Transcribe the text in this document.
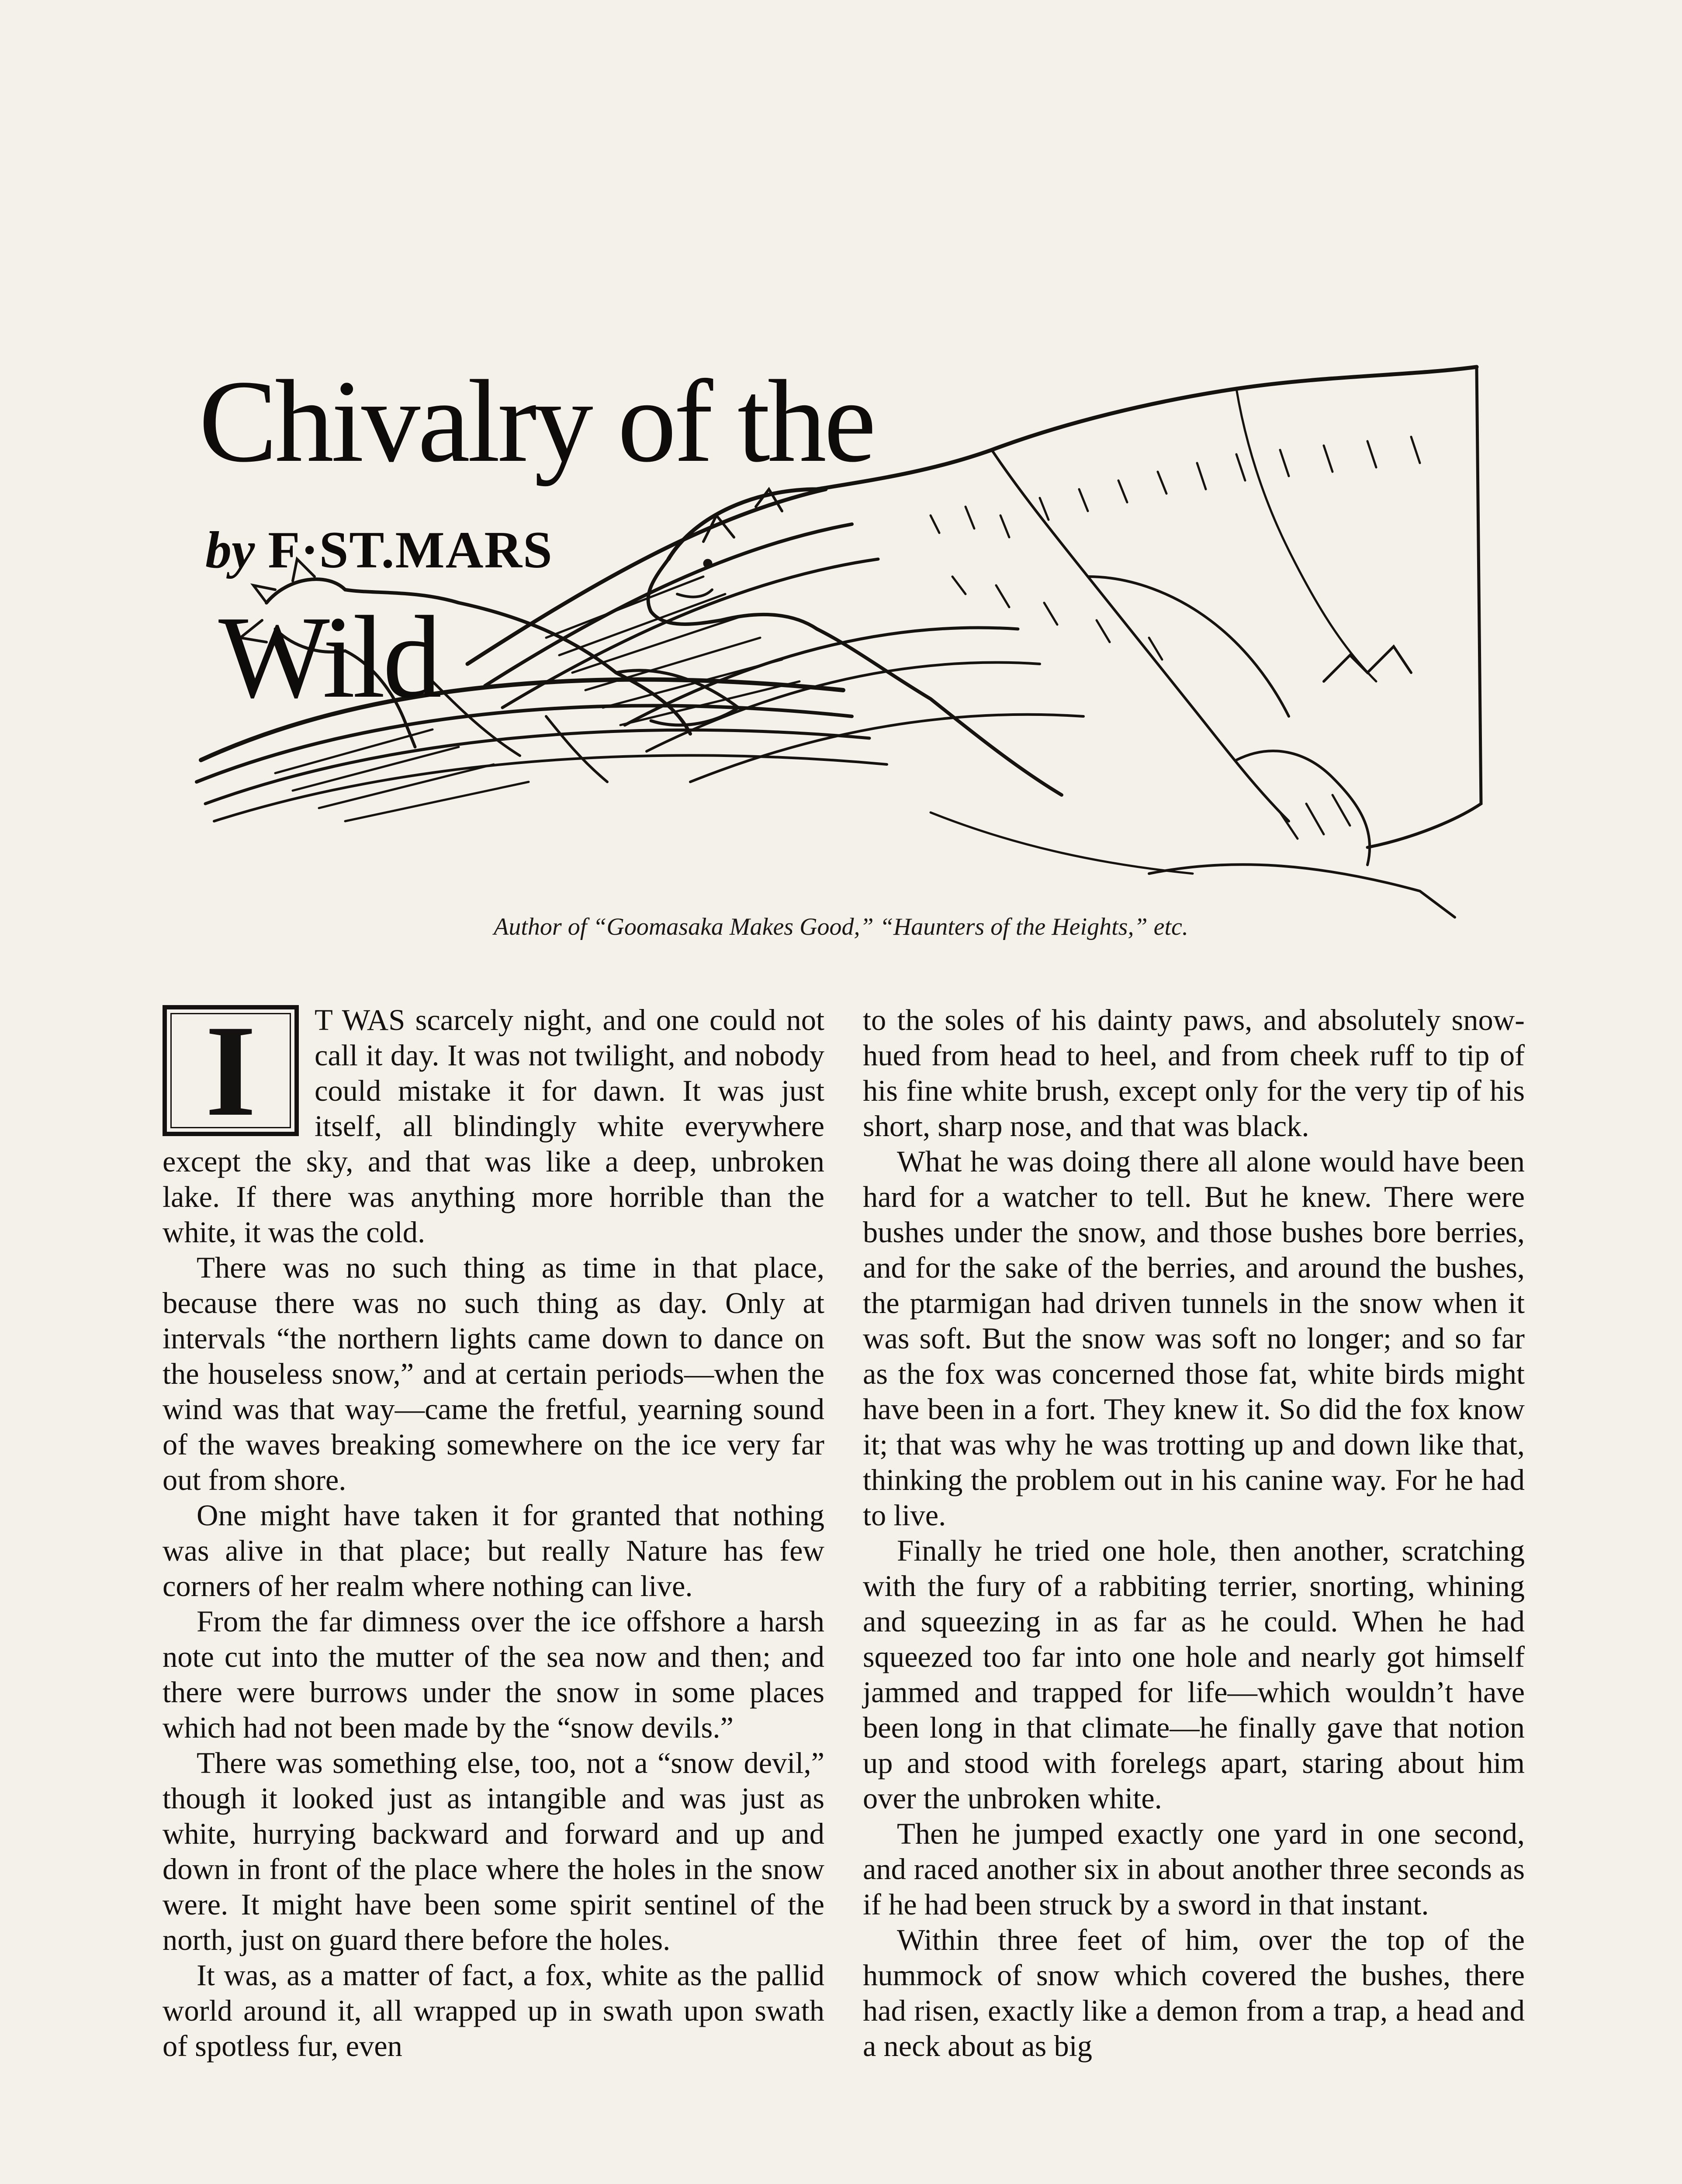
Chivalry of the

Wild

by F·ST.MARS
Author of “Goomasaka Makes Good,” “Haunters of the Heights,” etc.

I	T WAS scarcely night, and one could not call it day. It was not twilight, and nobody could mistake it for dawn. It was just itself, all blindingly white everywhere except the sky, and that was like a deep, unbroken lake. If there was anything more horrible than the white, it was the cold.

There was no such thing as time in that place, because there was no such thing as day. Only at intervals “the northern lights came down to dance on the houseless snow,” and at certain periods—when the wind was that way—came the fretful, yearning sound of the waves breaking somewhere on the ice very far out from shore.

One might have taken it for granted that nothing was alive in that place; but really Nature has few corners of her realm where nothing can live.

From the far dimness over the ice offshore a harsh note cut into the mutter of the sea now and then; and there were burrows under the snow in some places which had not been made by the “snow devils.”

There was something else, too, not a “snow devil,” though it looked just as intangible and was just as white, hurrying backward and forward and up and down in front of the place where the holes in the snow were. It might have been some spirit sentinel of the north, just on guard there before the holes.

It was, as a matter of fact, a fox, white as the pallid world around it, all wrapped up in swath upon swath of spotless fur, even

to the soles of his dainty paws, and absolutely snow-hued from head to heel, and from cheek ruff to tip of his fine white brush, except only for the very tip of his short, sharp nose, and that was black.

What he was doing there all alone would have been hard for a watcher to tell. But he knew. There were bushes under the snow, and those bushes bore berries, and for the sake of the berries, and around the bushes, the ptarmigan had driven tunnels in the snow when it was soft. But the snow was soft no longer; and so far as the fox was concerned those fat, white birds might have been in a fort. They knew it. So did the fox know it; that was why he was trotting up and down like that, thinking the problem out in his canine way. For he had to live.

Finally he tried one hole, then another, scratching with the fury of a rabbiting terrier, snorting, whining and squeezing in as far as he could. When he had squeezed too far into one hole and nearly got himself jammed and trapped for life—which wouldn’t have been long in that climate—he finally gave that notion up and stood with forelegs apart, staring about him over the unbroken white.

Then he jumped exactly one yard in one second, and raced another six in about another three seconds as if he had been struck by a sword in that instant.

Within three feet of him, over the top of the hummock of snow which covered the bushes, there had risen, exactly like a demon from a trap, a head and a neck about as big
